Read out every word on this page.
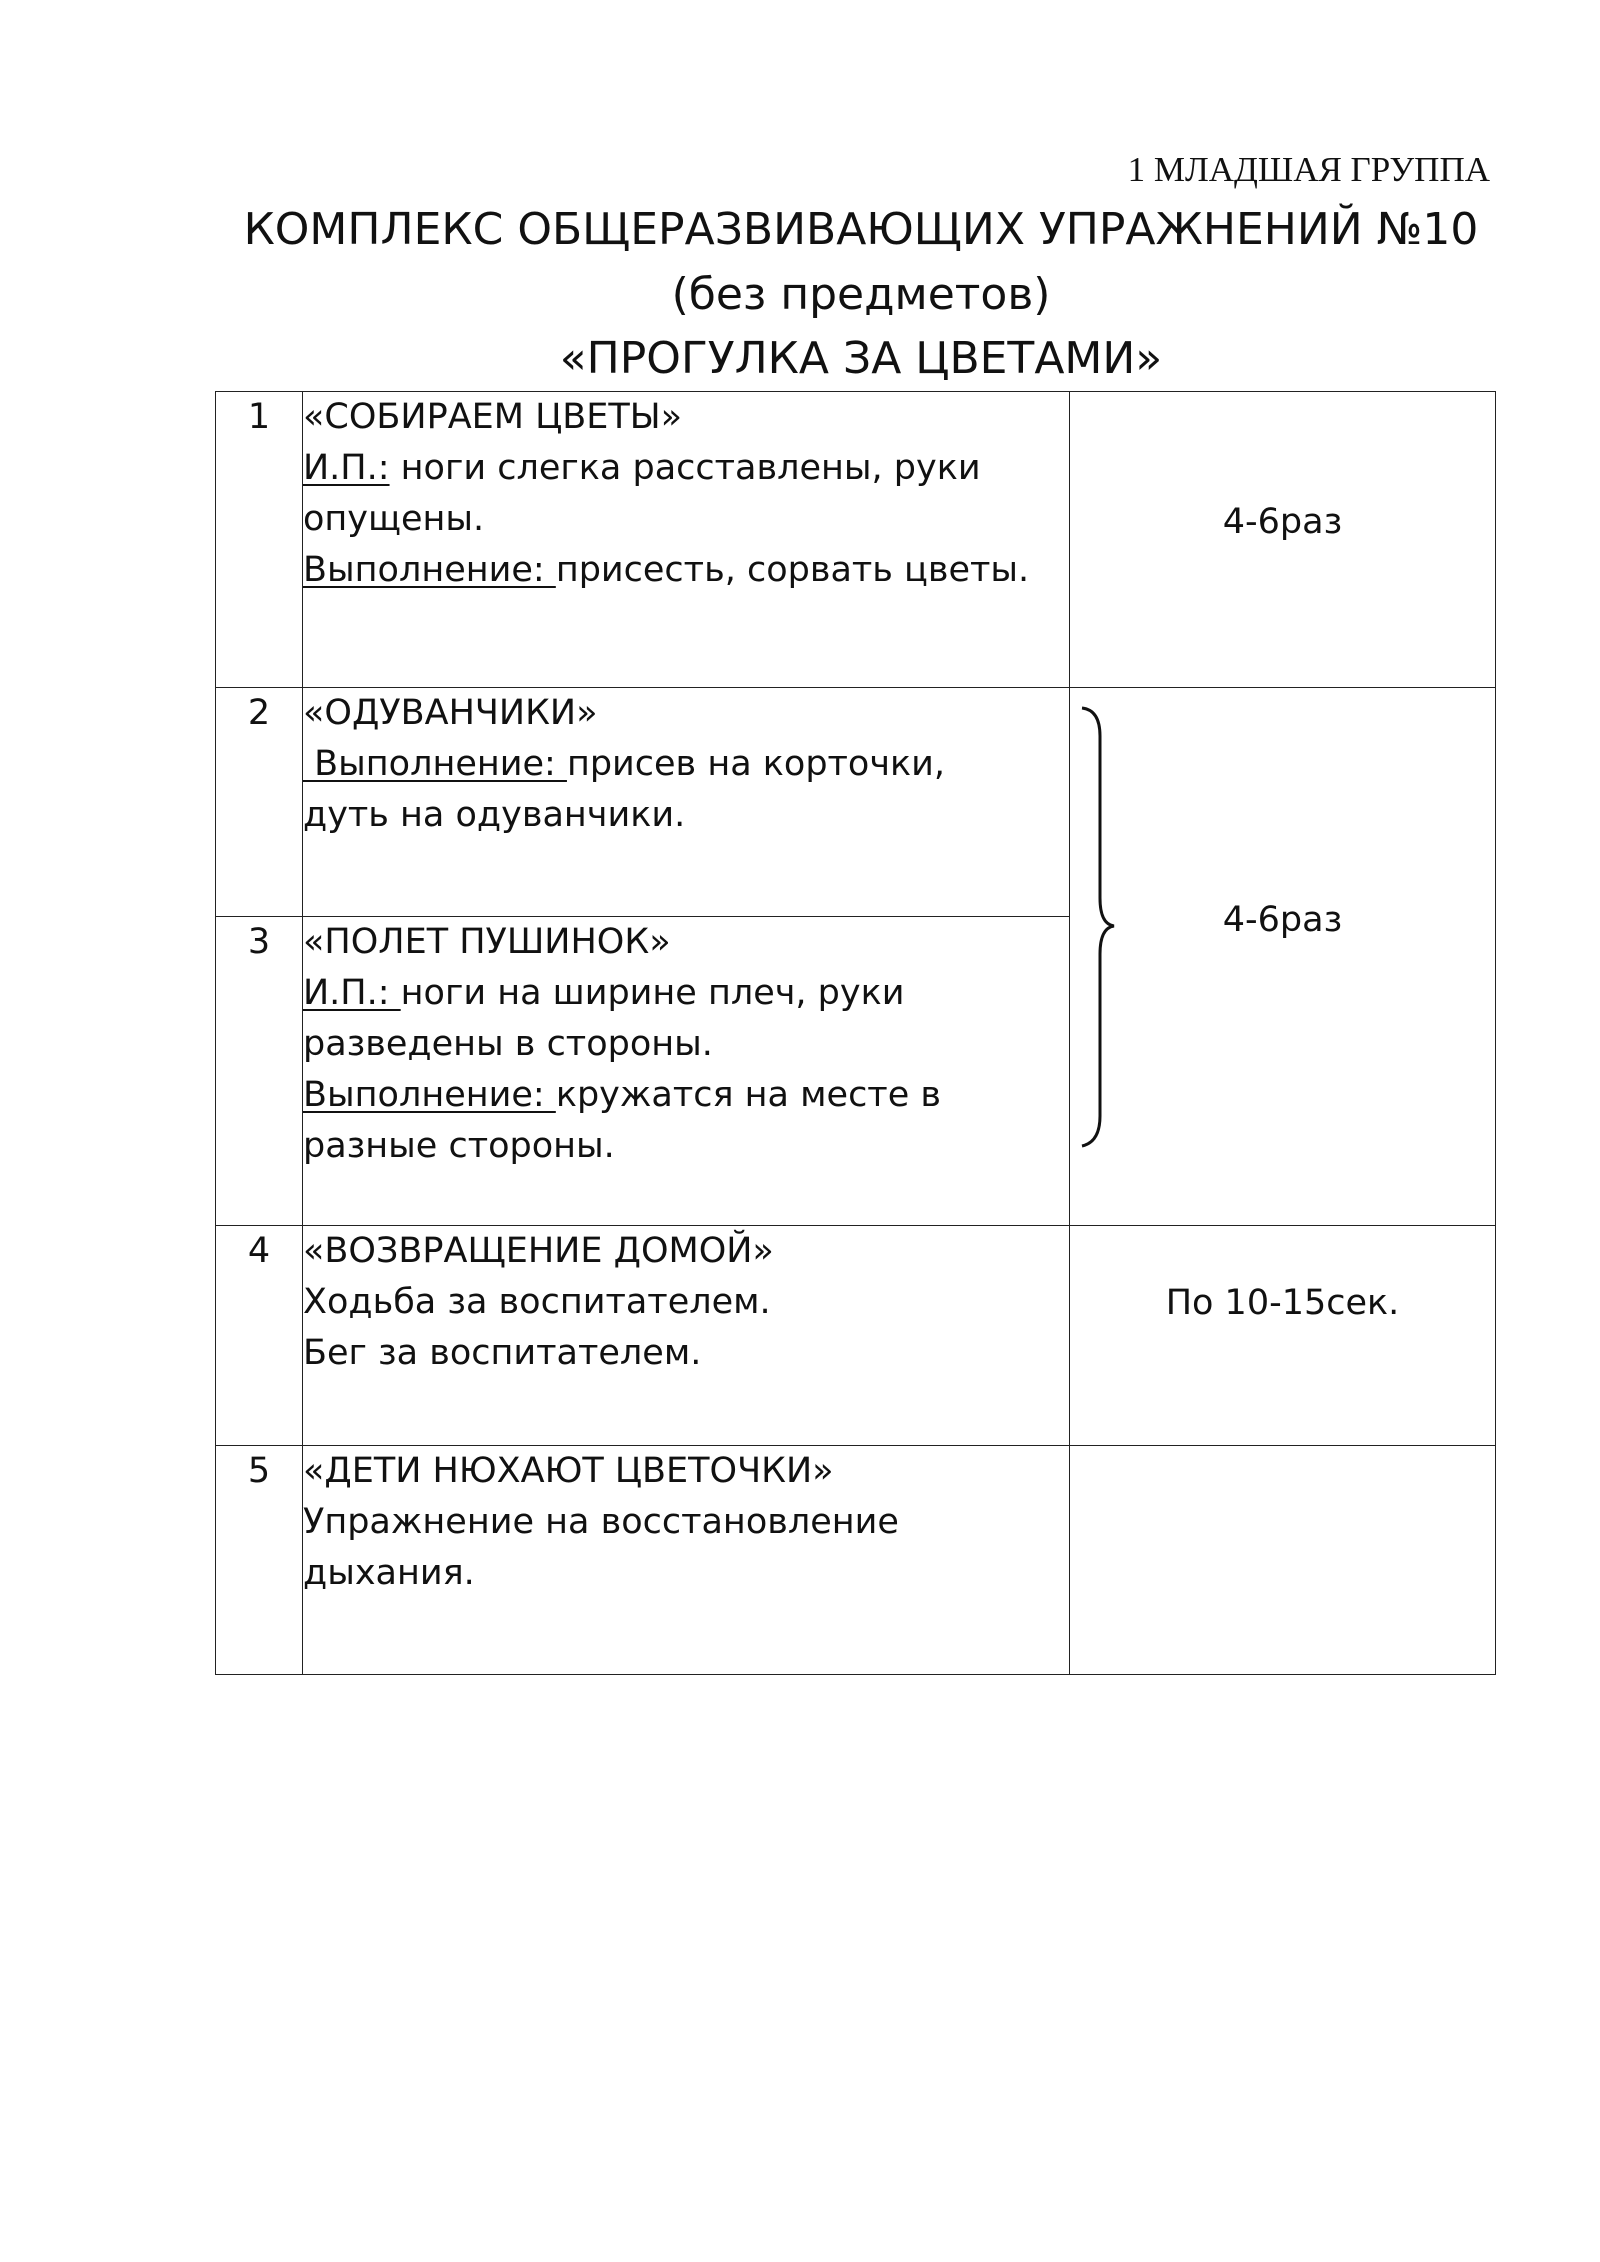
1 МЛАДШАЯ ГРУППА
КОМПЛЕКС ОБЩЕРАЗВИВАЮЩИХ УПРАЖНЕНИЙ №10
(без предметов)
«ПРОГУЛКА ЗА ЦВЕТАМИ»
1	«СОБИРАЕМ ЦВЕТЫ»
И.П.: ноги слегка расставлены, руки
опущены.
Выполнение: присесть, сорвать цветы.	4-6раз

2	«ОДУВАНЧИКИ»
Выполнение: присев на корточки,
дуть на одуванчики.	4-6раз

3	«ПОЛЕТ ПУШИНОК»
И.П.: ноги на ширине плеч, руки
разведены в стороны.
Выполнение: кружатся на месте в
разные стороны.	

4	«ВОЗВРАЩЕНИЕ ДОМОЙ»
Ходьба за воспитателем.
Бег за воспитателем.	По 10-15сек.

5	«ДЕТИ НЮХАЮТ ЦВЕТОЧКИ»
Упражнение на восстановление
дыхания.	
